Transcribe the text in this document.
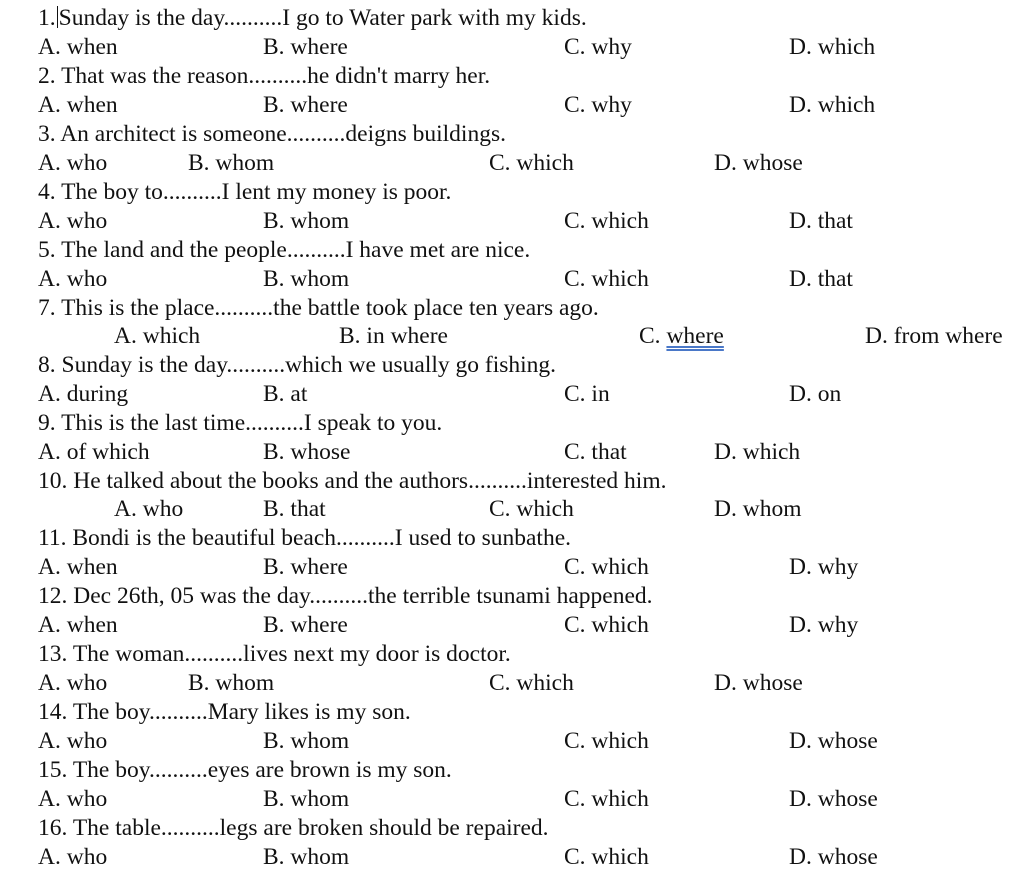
1. Sunday is the day..........I go to Water park with my kids.
A. when	B. where	C. why	D. which
2. That was the reason..........he didn't marry her.
A. when	B. where	C. why	D. which
3. An architect is someone..........deigns buildings.
A. who	B. whom	C. which	D. whose
4. The boy to..........I lent my money is poor.
A. who	B. whom	C. which	D. that
5. The land and the people..........I have met are nice.
A. who	B. whom	C. which	D. that
7. This is the place..........the battle took place ten years ago.
A. which	B. in where	C. where	D. from where
8. Sunday is the day..........which we usually go fishing.
A. during	B. at	C. in	D. on
9. This is the last time..........I speak to you.
A. of which	B. whose	C. that	D. which
10. He talked about the books and the authors..........interested him.
A. who	B. that	C. which	D. whom
11. Bondi is the beautiful beach..........I used to sunbathe.
A. when	B. where	C. which	D. why
12. Dec 26th, 05 was the day..........the terrible tsunami happened.
A. when	B. where	C. which	D. why
13. The woman..........lives next my door is doctor.
A. who	B. whom	C. which	D. whose
14. The boy..........Mary likes is my son.
A. who	B. whom	C. which	D. whose
15. The boy..........eyes are brown is my son.
A. who	B. whom	C. which	D. whose
16. The table..........legs are broken should be repaired.
A. who	B. whom	C. which	D. whose
